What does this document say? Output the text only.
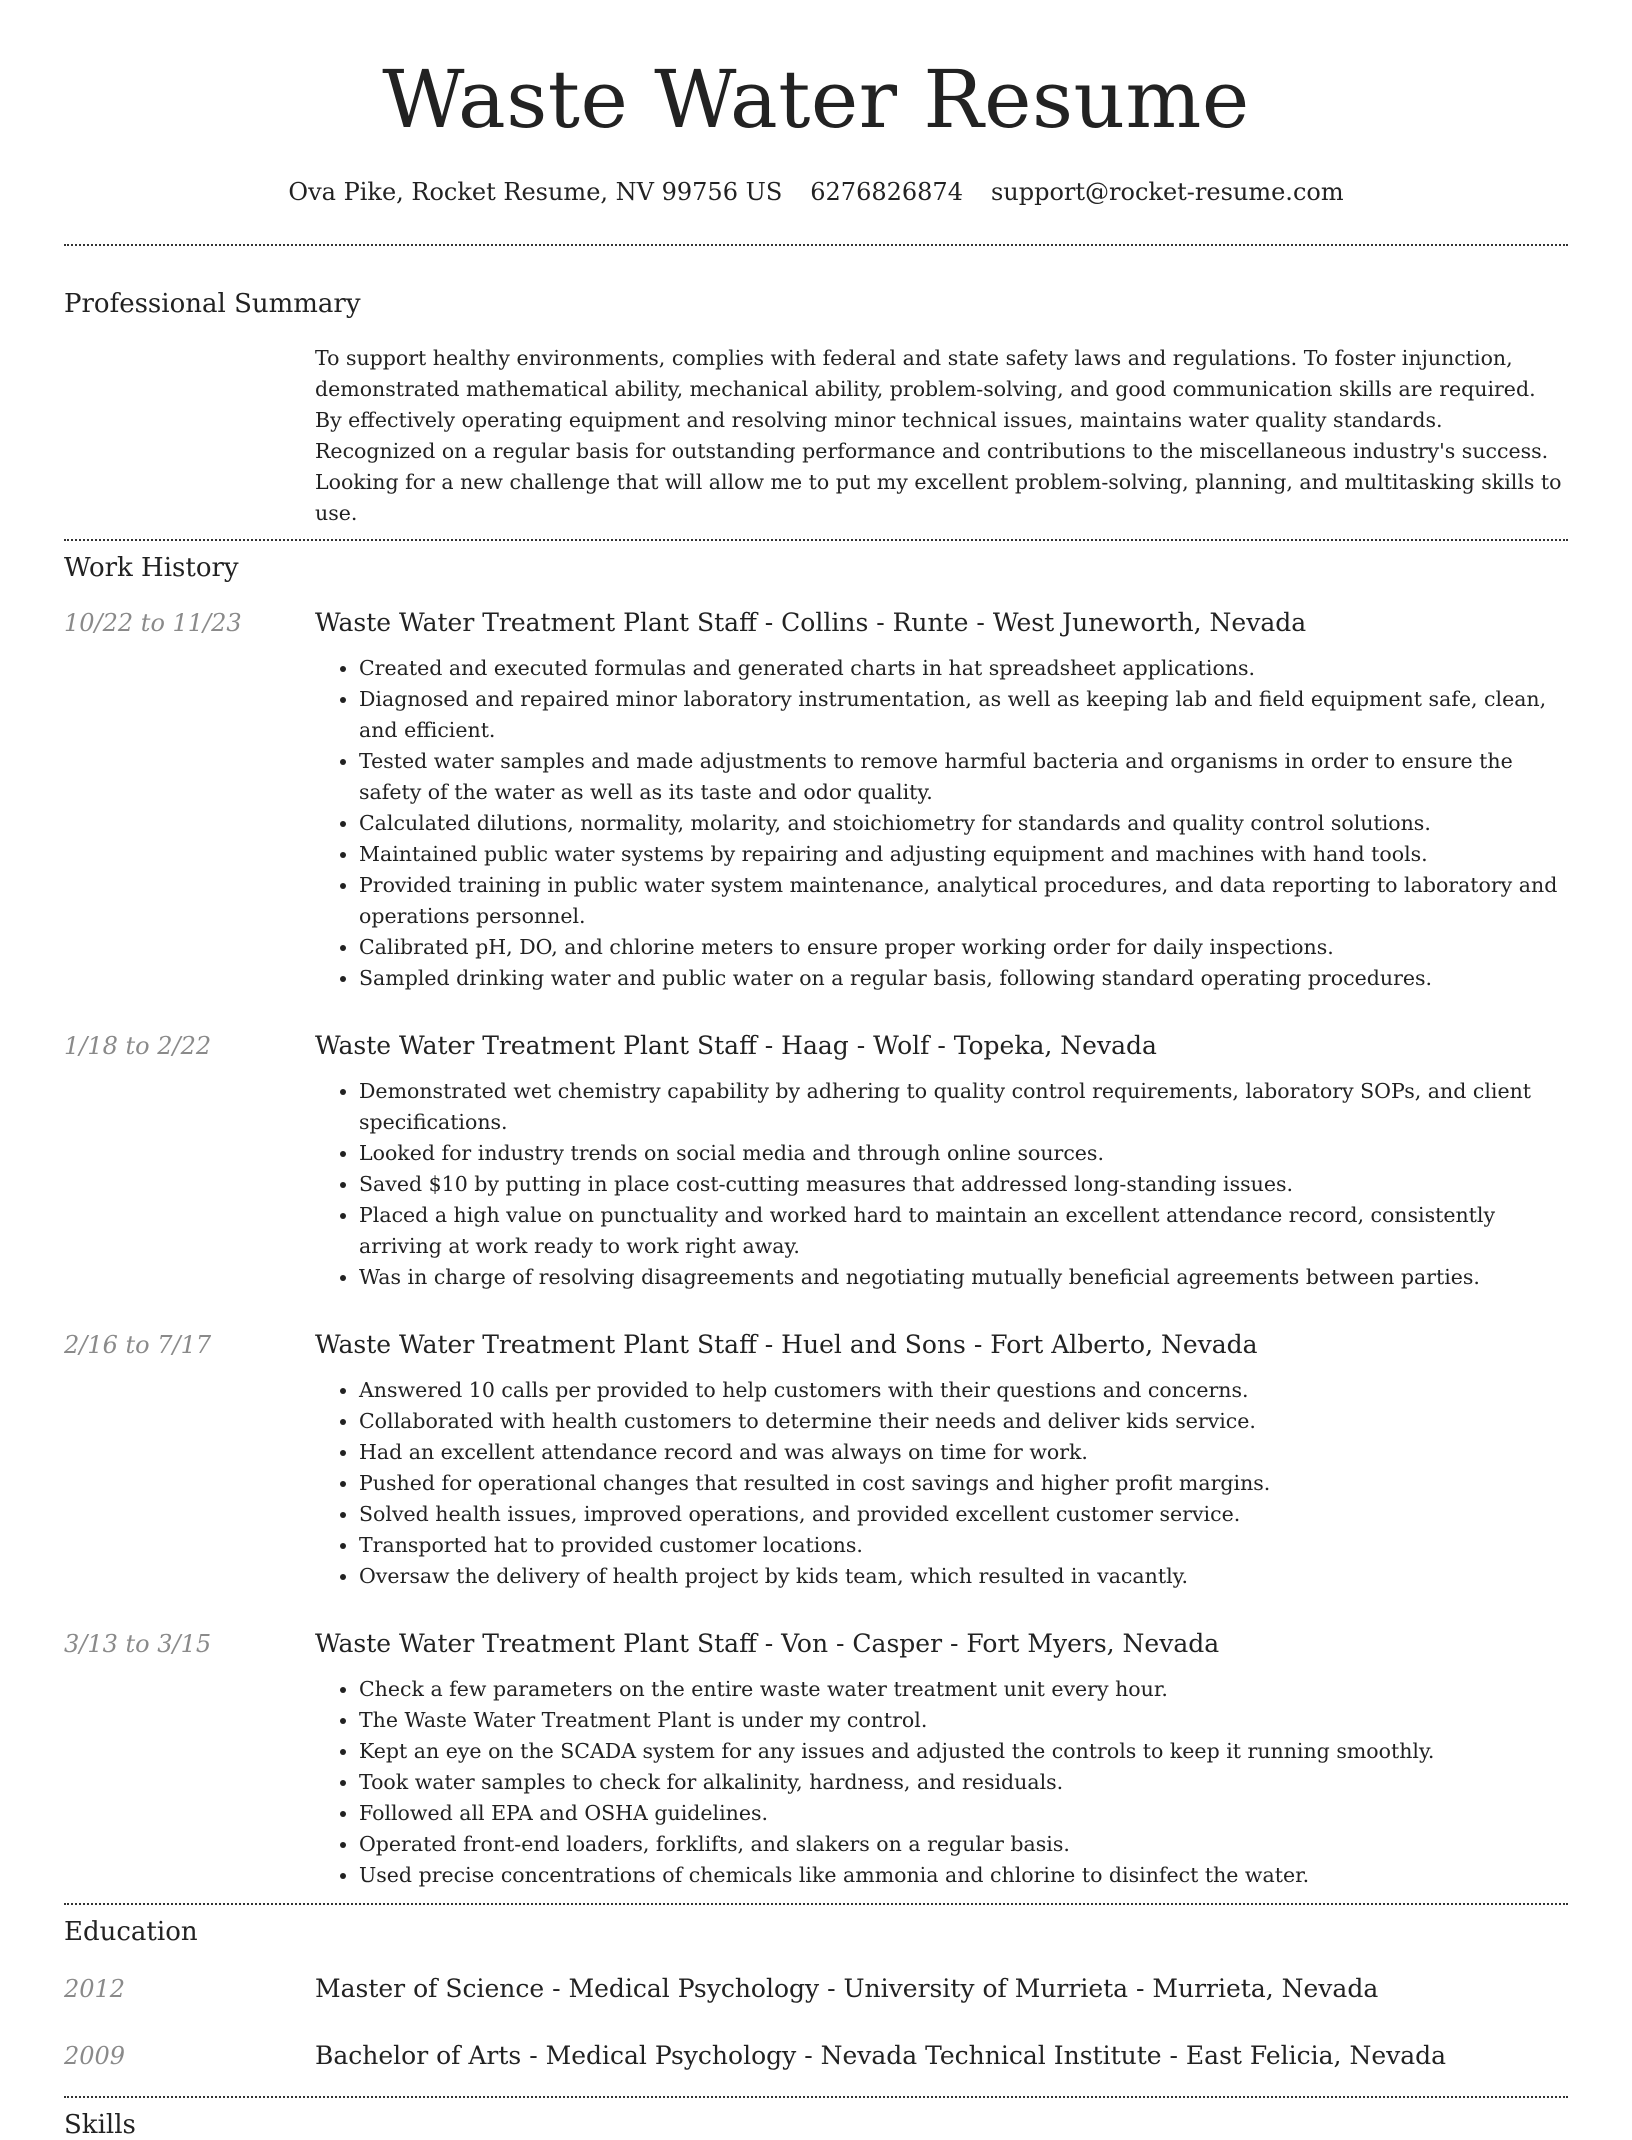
Waste Water Resume
Ova Pike, Rocket Resume, NV 99756 US 6276826874 support@rocket-resume.com
Professional Summary

To support healthy environments, complies with federal and state safety laws and regulations. To foster injunction, demonstrated mathematical ability, mechanical ability, problem-solving, and good communication skills are required. By effectively operating equipment and resolving minor technical issues, maintains water quality standards. Recognized on a regular basis for outstanding performance and contributions to the miscellaneous industry's success. Looking for a new challenge that will allow me to put my excellent problem-solving, planning, and multitasking skills to use.

Work History
10/22 to 11/23	Waste Water Treatment Plant Staff - Collins - Runte - West Juneworth, Nevada
• Created and executed formulas and generated charts in hat spreadsheet applications.
• Diagnosed and repaired minor laboratory instrumentation, as well as keeping lab and field equipment safe, clean, and efficient.
• Tested water samples and made adjustments to remove harmful bacteria and organisms in order to ensure the safety of the water as well as its taste and odor quality.
• Calculated dilutions, normality, molarity, and stoichiometry for standards and quality control solutions.
• Maintained public water systems by repairing and adjusting equipment and machines with hand tools.
• Provided training in public water system maintenance, analytical procedures, and data reporting to laboratory and operations personnel.
• Calibrated pH, DO, and chlorine meters to ensure proper working order for daily inspections.
• Sampled drinking water and public water on a regular basis, following standard operating procedures.
1/18 to 2/22	Waste Water Treatment Plant Staff - Haag - Wolf - Topeka, Nevada
• Demonstrated wet chemistry capability by adhering to quality control requirements, laboratory SOPs, and client specifications.
• Looked for industry trends on social media and through online sources.
• Saved $10 by putting in place cost-cutting measures that addressed long-standing issues.
• Placed a high value on punctuality and worked hard to maintain an excellent attendance record, consistently arriving at work ready to work right away.
• Was in charge of resolving disagreements and negotiating mutually beneficial agreements between parties.
2/16 to 7/17	Waste Water Treatment Plant Staff - Huel and Sons - Fort Alberto, Nevada
• Answered 10 calls per provided to help customers with their questions and concerns.
• Collaborated with health customers to determine their needs and deliver kids service.
• Had an excellent attendance record and was always on time for work.
• Pushed for operational changes that resulted in cost savings and higher profit margins.
• Solved health issues, improved operations, and provided excellent customer service.
• Transported hat to provided customer locations.
• Oversaw the delivery of health project by kids team, which resulted in vacantly.
3/13 to 3/15	Waste Water Treatment Plant Staff - Von - Casper - Fort Myers, Nevada
• Check a few parameters on the entire waste water treatment unit every hour.
• The Waste Water Treatment Plant is under my control.
• Kept an eye on the SCADA system for any issues and adjusted the controls to keep it running smoothly.
• Took water samples to check for alkalinity, hardness, and residuals.
• Followed all EPA and OSHA guidelines.
• Operated front-end loaders, forklifts, and slakers on a regular basis.
• Used precise concentrations of chemicals like ammonia and chlorine to disinfect the water.
Education
2012	Master of Science - Medical Psychology - University of Murrieta - Murrieta, Nevada
2009	Bachelor of Arts - Medical Psychology - Nevada Technical Institute - East Felicia, Nevada
Skills
